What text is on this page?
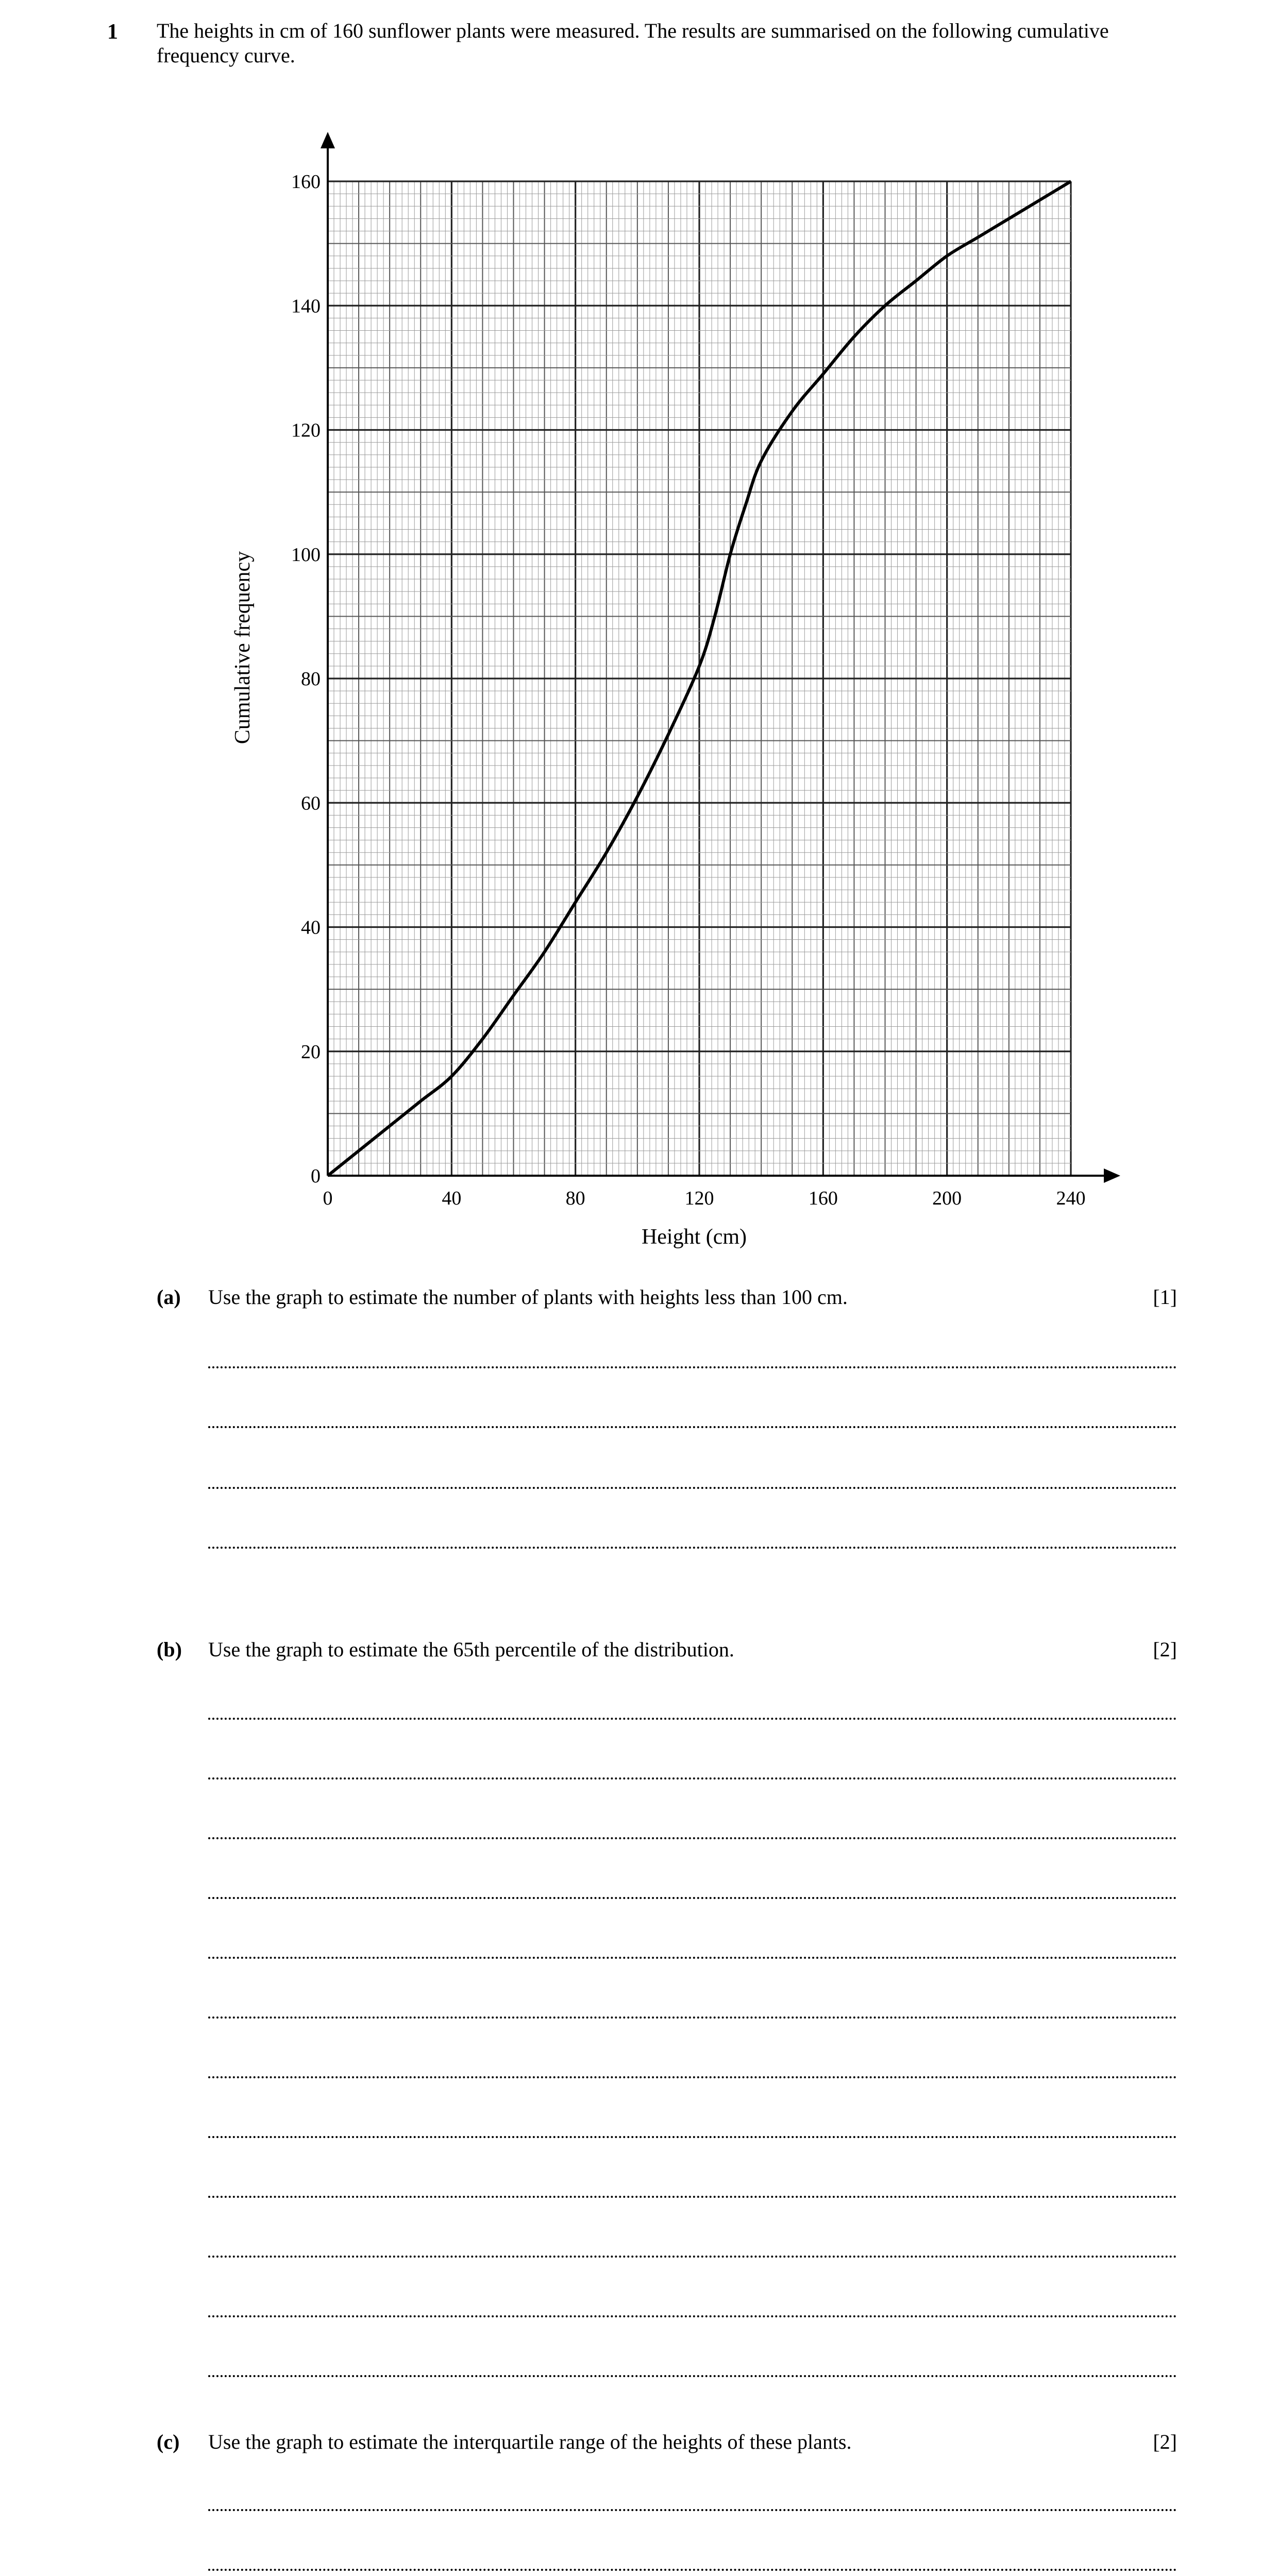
1 The heights in cm of 160 sunflower plants were measured. The results are summarised on the following cumulative frequency curve.
0	40	80	120	160	200	240
0
20
40
60
80
100
120
140
160
Height (cm)
Cumulative frequency
(a) Use the graph to estimate the number of plants with heights less than 100 cm.	[1]
(b) Use the graph to estimate the 65th percentile of the distribution.	[2]
(c) Use the graph to estimate the interquartile range of the heights of these plants.	[2]
